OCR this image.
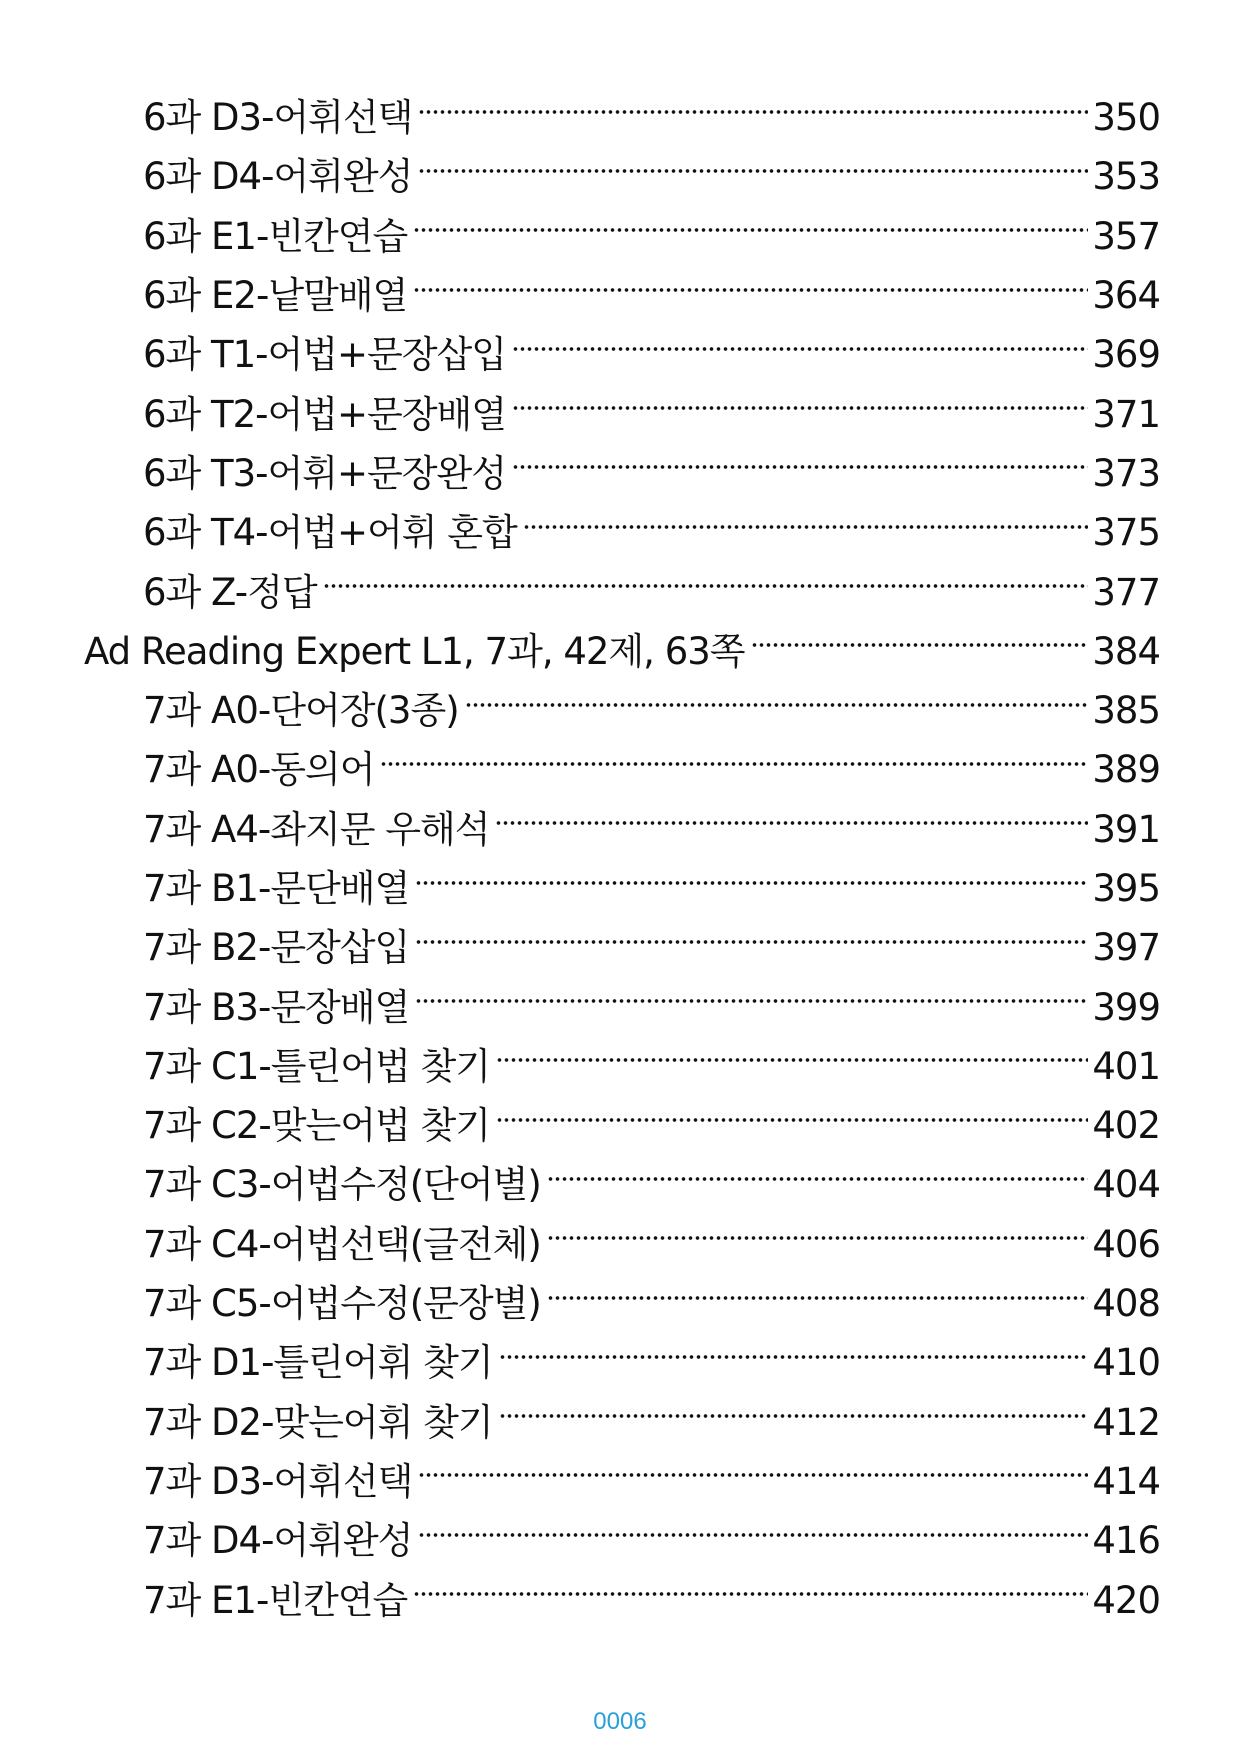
6과 D3-어휘선택	350
6과 D4-어휘완성	353
6과 E1-빈칸연습	357
6과 E2-낱말배열	364
6과 T1-어법+문장삽입	369
6과 T2-어법+문장배열	371
6과 T3-어휘+문장완성	373
6과 T4-어법+어휘 혼합	375
6과 Z-정답	377
Ad Reading Expert L1, 7과, 42제, 63쪽	384
7과 A0-단어장(3종)	385
7과 A0-동의어	389
7과 A4-좌지문 우해석	391
7과 B1-문단배열	395
7과 B2-문장삽입	397
7과 B3-문장배열	399
7과 C1-틀린어법 찾기	401
7과 C2-맞는어법 찾기	402
7과 C3-어법수정(단어별)	404
7과 C4-어법선택(글전체)	406
7과 C5-어법수정(문장별)	408
7과 D1-틀린어휘 찾기	410
7과 D2-맞는어휘 찾기	412
7과 D3-어휘선택	414
7과 D4-어휘완성	416
7과 E1-빈칸연습	420
0006
